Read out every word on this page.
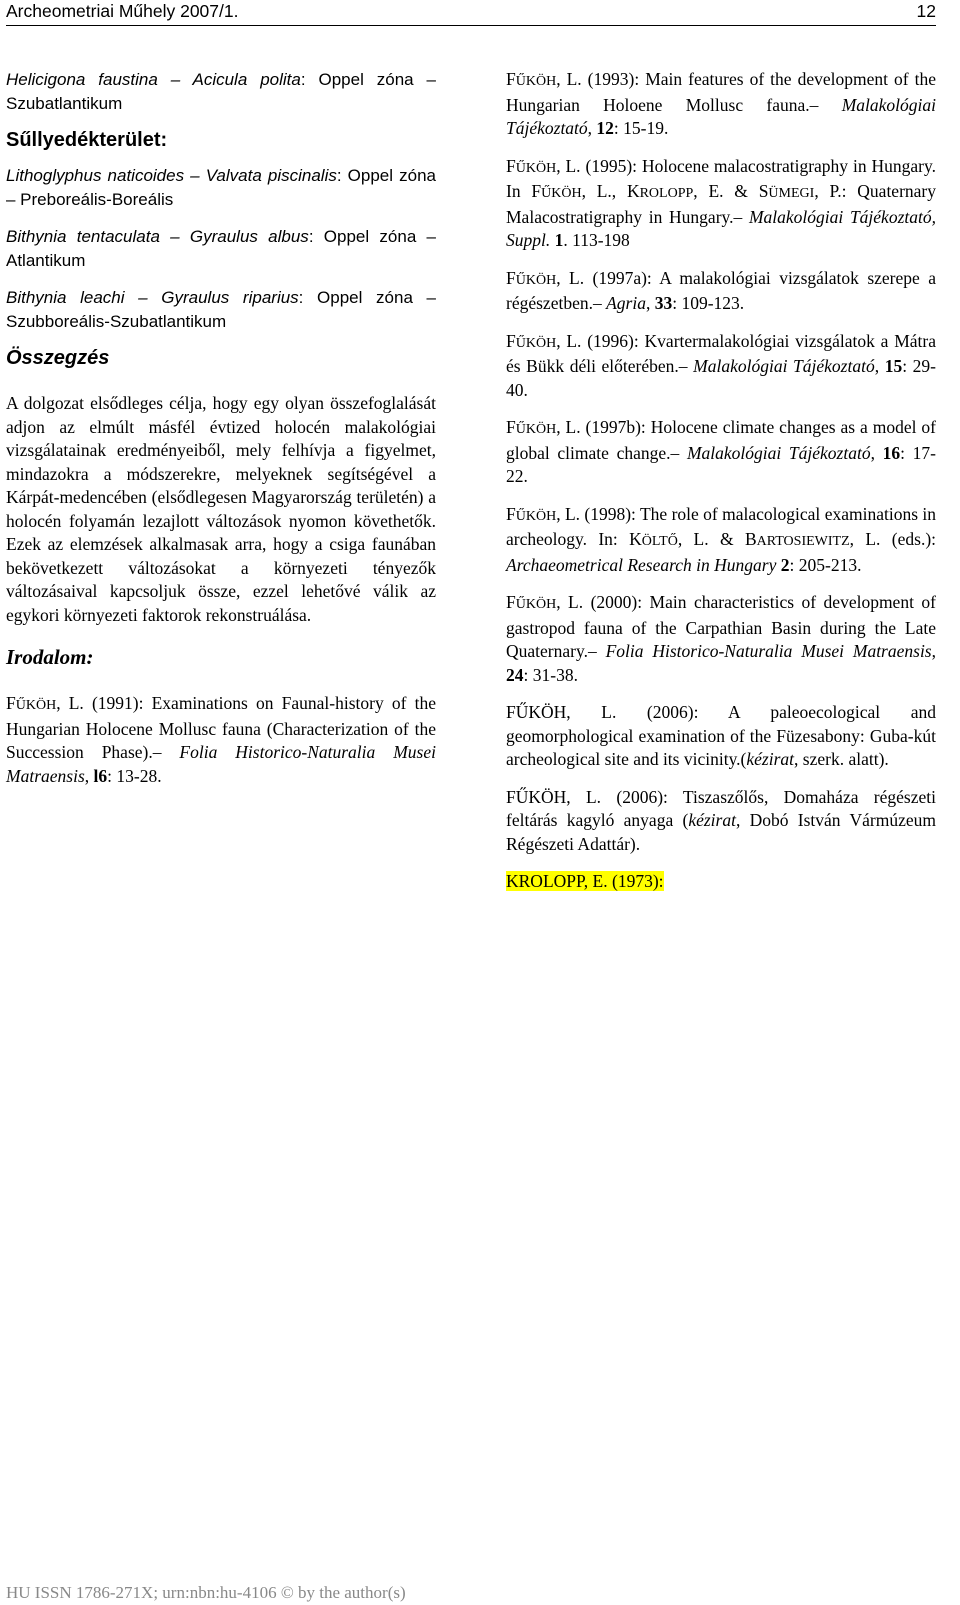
Archeometriai Műhely 2007/1.	12
Helicigona faustina – Acicula polita: Oppel zóna – Szubatlantikum
Sűllyedékterület:
Lithoglyphus naticoides – Valvata piscinalis: Oppel zóna – Preboreális-Boreális
Bithynia tentaculata – Gyraulus albus: Oppel zóna – Atlantikum
Bithynia leachi – Gyraulus riparius: Oppel zóna – Szubboreális-Szubatlantikum
Összegzés
A dolgozat elsődleges célja, hogy egy olyan összefoglalását adjon az elmúlt másfél évtized holocén malakológiai vizsgálatainak eredményeiből, mely felhívja a figyelmet, mindazokra a módszerekre, melyeknek segítségével a Kárpát-medencében (elsődlegesen Magyarország területén) a holocén folyamán lezajlott változások nyomon követhetők. Ezek az elemzések alkalmasak arra, hogy a csiga faunában bekövetkezett változásokat a környezeti tényezők változásaival kapcsoljuk össze, ezzel lehetővé válik az egykori környezeti faktorok rekonstruálása.
Irodalom:
FŰKÖH, L. (1991): Examinations on Faunal-history of the Hungarian Holocene Mollusc fauna (Characterization of the Succession Phase).– Folia Historico-Naturalia Musei Matraensis, l6: 13-28.
FŰKÖH, L. (1993): Main features of the development of the Hungarian Holoene Mollusc fauna.– Malakológiai Tájékoztató, 12: 15-19.
FŰKÖH, L. (1995): Holocene malacostratigraphy in Hungary. In FŰKÖH, L., KROLOPP, E. & SÜMEGI, P.: Quaternary Malacostratigraphy in Hungary.– Malakológiai Tájékoztató, Suppl. 1. 113-198
FŰKÖH, L. (1997a): A malakológiai vizsgálatok szerepe a régészetben.– Agria, 33: 109-123.
FŰKÖH, L. (1996): Kvartermalakológiai vizsgálatok a Mátra és Bükk déli előterében.– Malakológiai Tájékoztató, 15: 29-40.
FŰKÖH, L. (1997b): Holocene climate changes as a model of global climate change.– Malakológiai Tájékoztató, 16: 17-22.
FŰKÖH, L. (1998): The role of malacological examinations in archeology. In: KÖLTŐ, L. & BARTOSIEWITZ, L. (eds.): Archaeometrical Research in Hungary 2: 205-213.
FŰKÖH, L. (2000): Main characteristics of development of gastropod fauna of the Carpathian Basin during the Late Quaternary.– Folia Historico-Naturalia Musei Matraensis, 24: 31-38.
FŰKÖH, L. (2006): A paleoecological and geomorphological examination of the Füzesabony: Guba-kút archeological site and its vicinity.(kézirat, szerk. alatt).
FŰKÖH, L. (2006): Tiszaszőlős, Domaháza régészeti feltárás kagyló anyaga (kézirat, Dobó István Vármúzeum Régészeti Adattár).
KROLOPP, E. (1973):
HU ISSN 1786-271X; urn:nbn:hu-4106 © by the author(s)
